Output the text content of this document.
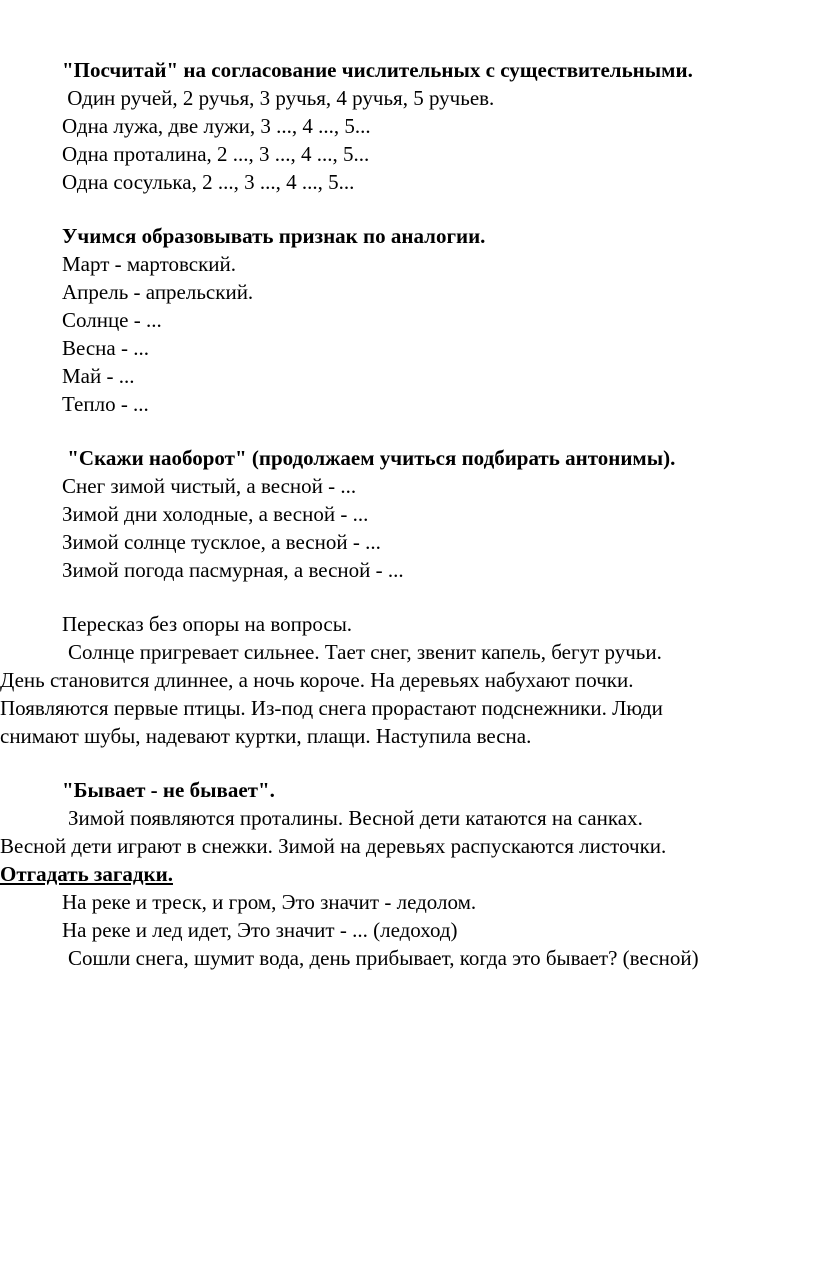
"Посчитай" на согласование числительных с существительными.
Один ручей, 2 ручья, 3 ручья, 4 ручья, 5 ручьев.
Одна лужа, две лужи, 3 ..., 4 ..., 5...
Одна проталина, 2 ..., 3 ..., 4 ..., 5...
Одна сосулька, 2 ..., 3 ..., 4 ..., 5...
Учимся образовывать признак по аналогии.
Март - мартовский.
Апрель - апрельский.
Солнце - ...
Весна - ...
Май - ...
Тепло - ...
"Скажи наоборот" (продолжаем учиться подбирать антонимы).
Снег зимой чистый, а весной - ...
Зимой дни холодные, а весной - ...
Зимой солнце тусклое, а весной - ...
Зимой погода пасмурная, а весной - ...
Пересказ без опоры на вопросы.
Солнце пригревает сильнее. Тает снег, звенит капель, бегут ручьи.
День становится длиннее, а ночь короче. На деревьях набухают почки.
Появляются первые птицы. Из-под снега прорастают подснежники. Люди
снимают шубы, надевают куртки, плащи. Наступила весна.
"Бывает - не бывает".
Зимой появляются проталины. Весной дети катаются на санках.
Весной дети играют в снежки. Зимой на деревьях распускаются листочки.
Отгадать загадки.
На реке и треск, и гром, Это значит - ледолом.
На реке и лед идет, Это значит - ... (ледоход)
Сошли снега, шумит вода, день прибывает, когда это бывает? (весной)
